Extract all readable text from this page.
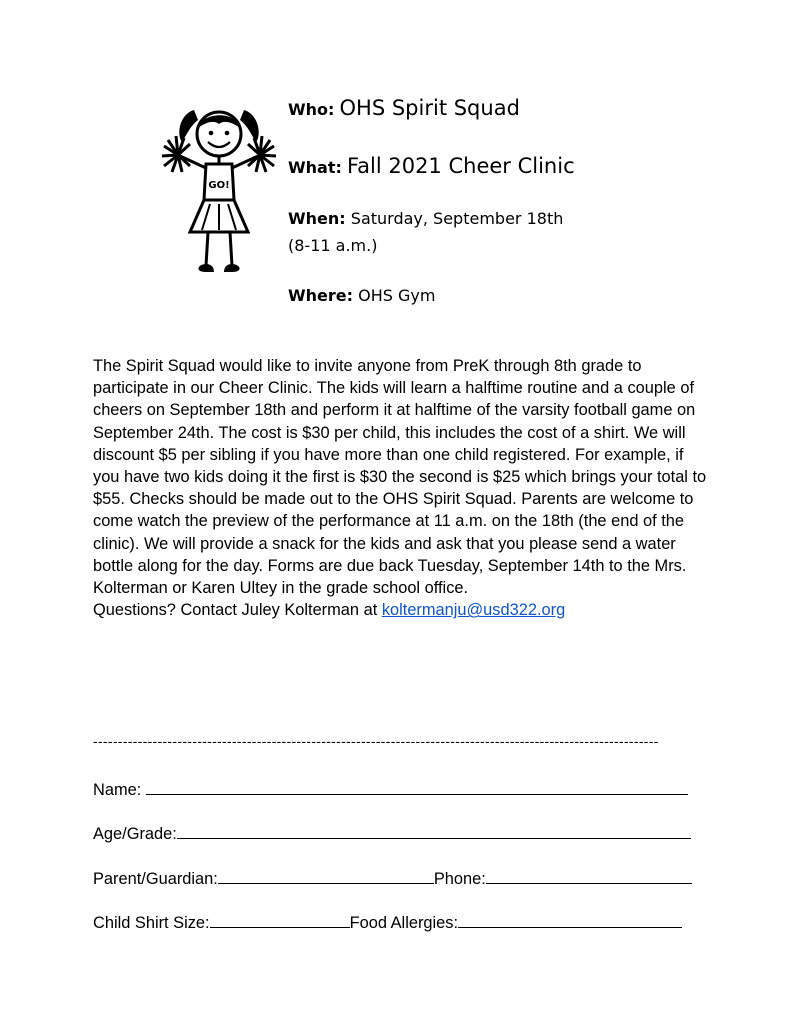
GO!
Who: OHS Spirit Squad
What: Fall 2021 Cheer Clinic
When: Saturday, September 18th
(8-11 a.m.)
Where: OHS Gym

The Spirit Squad would like to invite anyone from PreK through 8th grade to participate in our Cheer Clinic. The kids will learn a halftime routine and a couple of cheers on September 18th and perform it at halftime of the varsity football game on September 24th. The cost is $30 per child, this includes the cost of a shirt. We will discount $5 per sibling if you have more than one child registered. For example, if you have two kids doing it the first is $30 the second is $25 which brings your total to $55. Checks should be made out to the OHS Spirit Squad. Parents are welcome to come watch the preview of the performance at 11 a.m. on the 18th (the end of the clinic). We will provide a snack for the kids and ask that you please send a water bottle along for the day. Forms are due back Tuesday, September 14th to the Mrs. Kolterman or Karen Ultey in the grade school office.

Questions? Contact Juley Kolterman at koltermanju@usd322.org

------------------------------------------------------------------------------------------------------------------
Name:
Age/Grade:
Parent/Guardian:	Phone:
Child Shirt Size:	Food Allergies:
